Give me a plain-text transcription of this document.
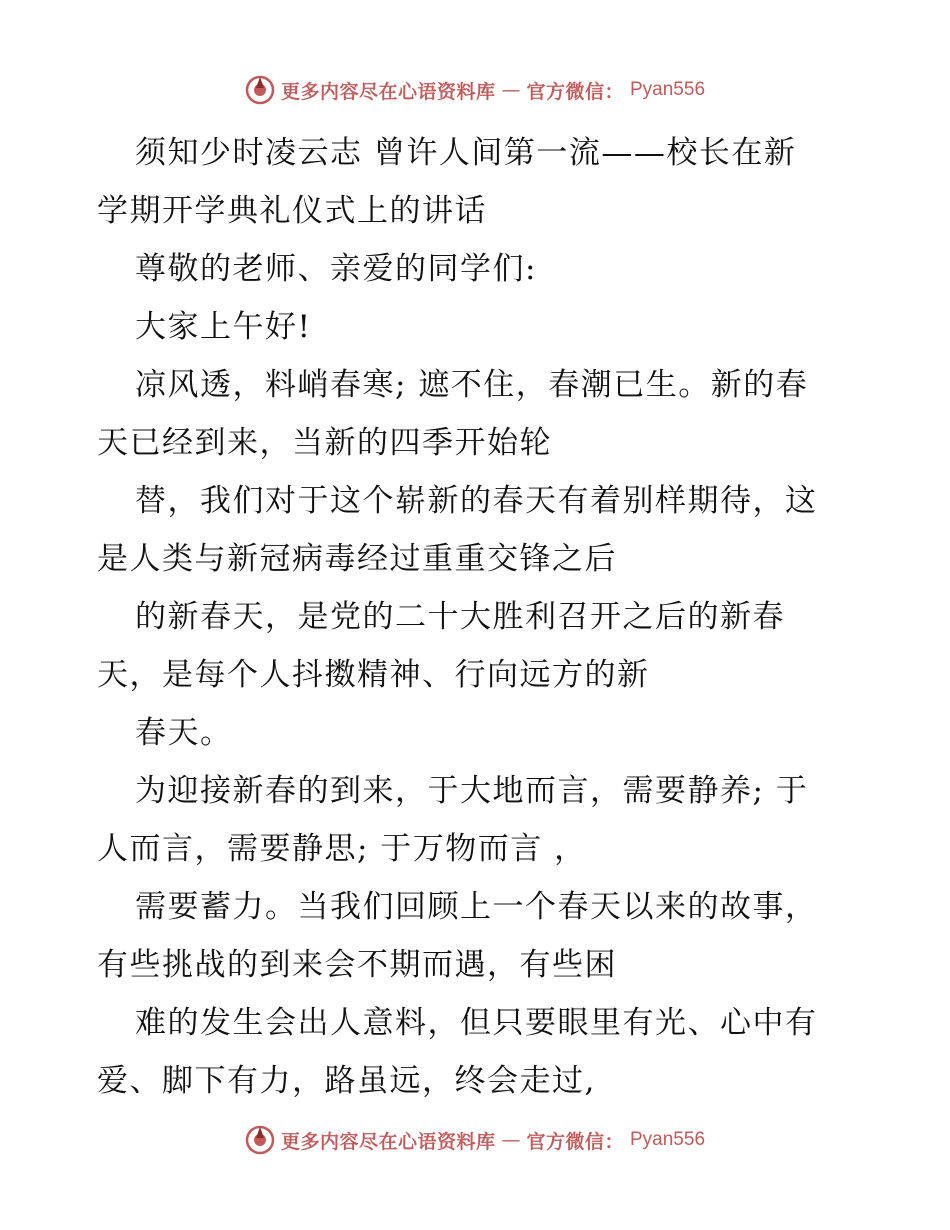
更多内容尽在心语资料库 — 官方微信： Pyan556
须知少时凌云志 曾许人间第一流——校长在新
学期开学典礼仪式上的讲话
尊敬的老师、亲爱的同学们:
大家上午好!
凉风透，料峭春寒; 遮不住，春潮已生。新的春
天已经到来，当新的四季开始轮
替，我们对于这个崭新的春天有着别样期待，这
是人类与新冠病毒经过重重交锋之后
的新春天，是党的二十大胜利召开之后的新春
天，是每个人抖擞精神、行向远方的新
春天。
为迎接新春的到来，于大地而言，需要静养; 于
人而言，需要静思; 于万物而言 ，
需要蓄力。当我们回顾上一个春天以来的故事，
有些挑战的到来会不期而遇，有些困
难的发生会出人意料，但只要眼里有光、心中有
爱、脚下有力，路虽远，终会走过,
更多内容尽在心语资料库 — 官方微信： Pyan556
